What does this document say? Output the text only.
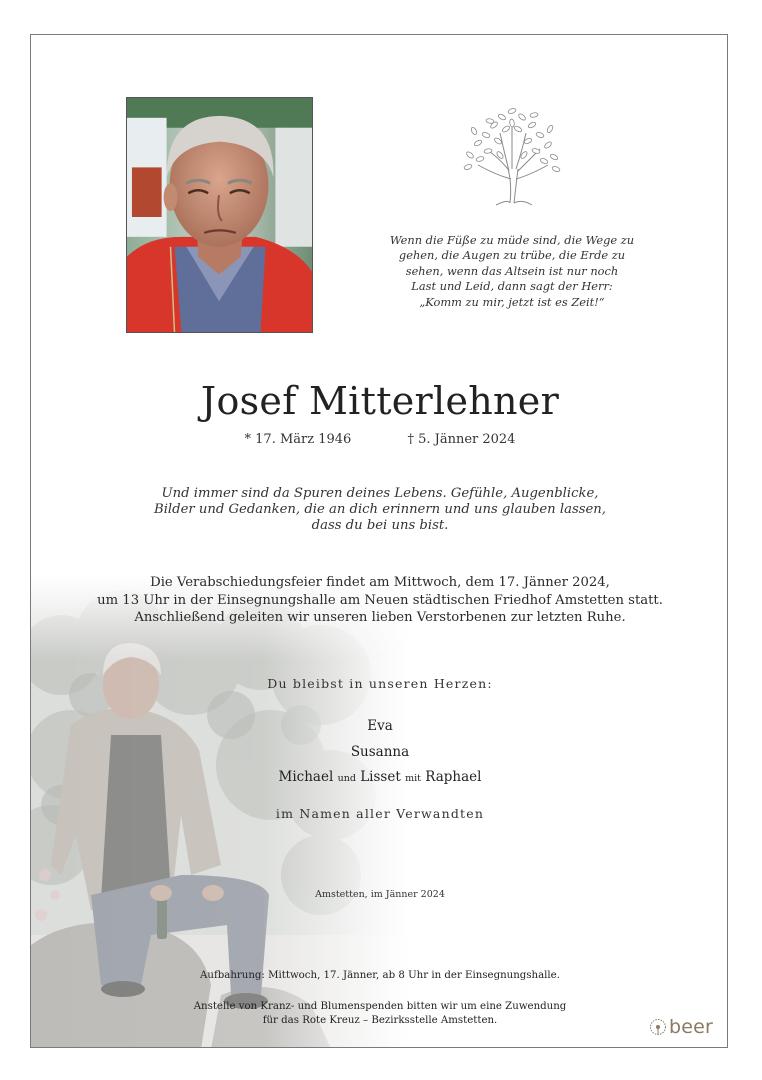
Wenn die Füße zu müde sind, die Wege zu
gehen, die Augen zu trübe, die Erde zu
sehen, wenn das Altsein ist nur noch
Last und Leid, dann sagt der Herr:
„Komm zu mir, jetzt ist es Zeit!“
Josef Mitterlehner
* 17. März 1946	† 5. Jänner 2024
Und immer sind da Spuren deines Lebens. Gefühle, Augenblicke,
Bilder und Gedanken, die an dich erinnern und uns glauben lassen,
dass du bei uns bist.
Die Verabschiedungsfeier findet am Mittwoch, dem 17. Jänner 2024,
um 13 Uhr in der Einsegnungshalle am Neuen städtischen Friedhof Amstetten statt.
Anschließend geleiten wir unseren lieben Verstorbenen zur letzten Ruhe.
Du bleibst in unseren Herzen:
Eva
Susanna
Michael und Lisset mit Raphael
im Namen aller Verwandten
Amstetten, im Jänner 2024
Aufbahrung: Mittwoch, 17. Jänner, ab 8 Uhr in der Einsegnungshalle.
Anstelle von Kranz- und Blumenspenden bitten wir um eine Zuwendung
für das Rote Kreuz – Bezirksstelle Amstetten.	beer
